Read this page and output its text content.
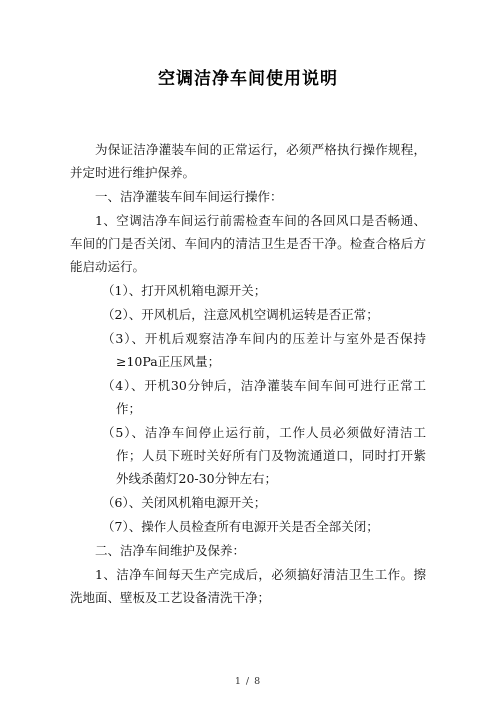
空调洁净车间使用说明

为保证洁净灌装车间的正常运行，必须严格执行操作规程，并定时进行维护保养。

一、洁净灌装车间车间运行操作：

1、空调洁净车间运行前需检查车间的各回风口是否畅通、车间的门是否关闭、车间内的清洁卫生是否干净。检查合格后方能启动运行。

（1）、打开风机箱电源开关；

（2）、开风机后，注意风机空调机运转是否正常；

（3）、开机后观察洁净车间内的压差计与室外是否保持≥10Pa正压风量；

（4）、开机30分钟后，洁净灌装车间车间可进行正常工作；

（5）、洁净车间停止运行前，工作人员必须做好清洁工作；人员下班时关好所有门及物流通道口，同时打开紫外线杀菌灯20-30分钟左右；

（6）、关闭风机箱电源开关；

（7）、操作人员检查所有电源开关是否全部关闭；

二、洁净车间维护及保养：

1、洁净车间每天生产完成后，必须搞好清洁卫生工作。擦洗地面、壁板及工艺设备清洗干净；

1 / 8
